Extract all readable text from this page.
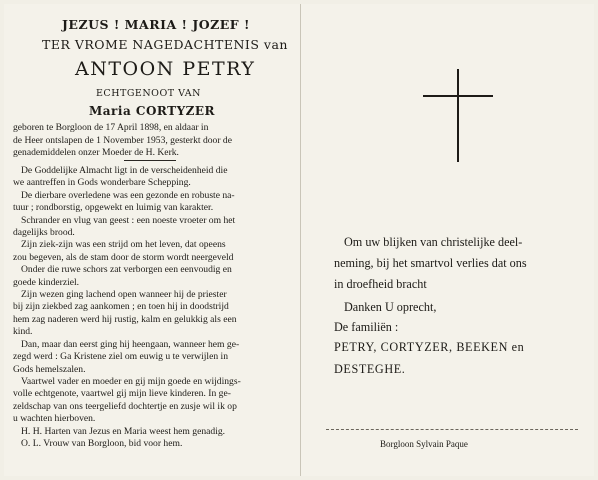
JEZUS ! MARIA ! JOZEF !
TER VROME NAGEDACHTENIS van
ANTOON PETRY
ECHTGENOOT VAN
Maria CORTYZER
geboren te Borgloon de 17 April 1898, en aldaar in
de Heer ontslapen de 1 November 1953, gesterkt door de
genademiddelen onzer Moeder de H. Kerk.
De Goddelijke Almacht ligt in de verscheidenheid die
we aantreffen in Gods wonderbare Schepping.
De dierbare overledene was een gezonde en robuste na-
tuur ; rondborstig, opgewekt en luimig van karakter.
Schrander en vlug van geest : een noeste vroeter om het
dagelijks brood.
Zijn ziek-zijn was een strijd om het leven, dat opeens
zou begeven, als de stam door de storm wordt neergeveld
Onder die ruwe schors zat verborgen een eenvoudig en
goede kinderziel.
Zijn wezen ging lachend open wanneer hij de priester
bij zijn ziekbed zag aankomen ; en toen hij in doodstrijd
hem zag naderen werd hij rustig, kalm en gelukkig als een
kind.
Dan, maar dan eerst ging hij heengaan, wanneer hem ge-
zegd werd : Ga Kristene ziel om euwig u te verwijlen in
Gods hemelszalen.
Vaartwel vader en moeder en gij mijn goede en wijdings-
volle echtgenote, vaartwel gij mijn lieve kinderen. In ge-
zeldschap van ons teergeliefd dochtertje en zusje wil ik op
u wachten hierboven.
H. H. Harten van Jezus en Maria weest hem genadig.
O. L. Vrouw van Borgloon, bid voor hem.
Om uw blijken van christelijke deel-
neming, bij het smartvol verlies dat ons
in droefheid bracht
Danken U oprecht,
De familiën :
PETRY, CORTYZER, BEEKEN en
DESTEGHE.
Borgloon Sylvain Paque
